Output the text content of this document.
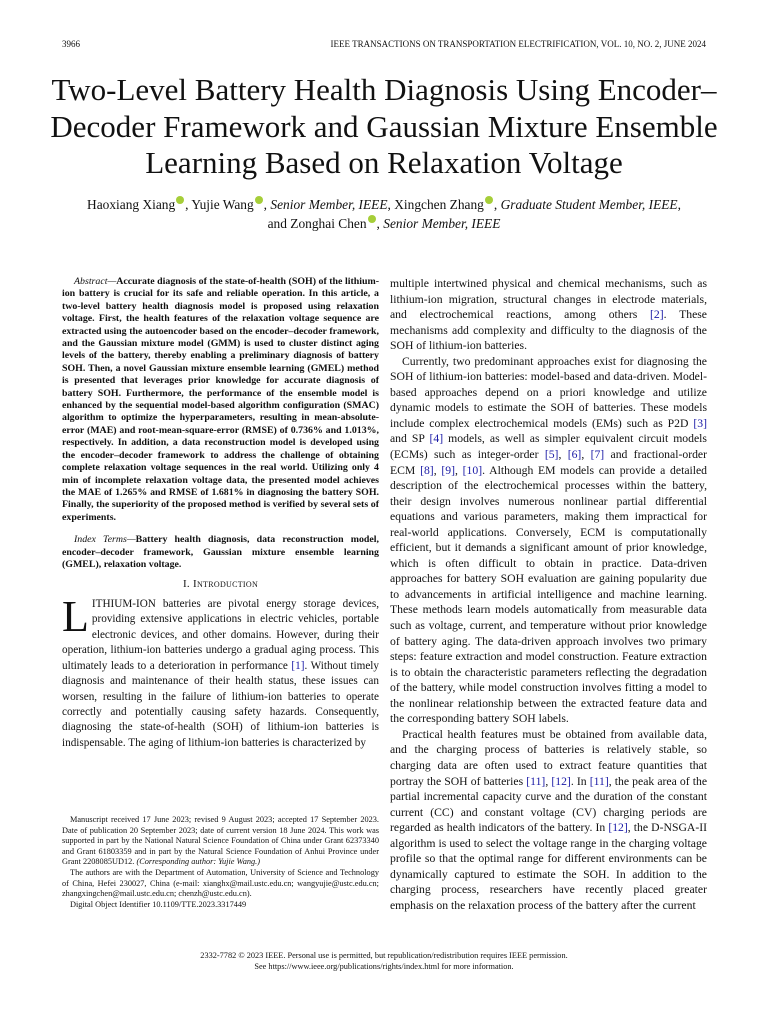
3966	IEEE TRANSACTIONS ON TRANSPORTATION ELECTRIFICATION, VOL. 10, NO. 2, JUNE 2024
Two-Level Battery Health Diagnosis Using Encoder–Decoder Framework and Gaussian Mixture Ensemble Learning Based on Relaxation Voltage
Haoxiang Xiang , Yujie Wang , Senior Member, IEEE, Xingchen Zhang , Graduate Student Member, IEEE,
and Zonghai Chen , Senior Member, IEEE

Abstract—Accurate diagnosis of the state-of-health (SOH) of the lithium-ion battery is crucial for its safe and reliable operation. In this article, a two-level battery health diagnosis model is proposed using relaxation voltage. First, the health features of the relaxation voltage sequence are extracted using the autoencoder based on the encoder–decoder framework, and the Gaussian mixture model (GMM) is used to cluster distinct aging levels of the battery, thereby enabling a preliminary diagnosis of battery SOH. Then, a novel Gaussian mixture ensemble learning (GMEL) method is presented that leverages prior knowledge for accurate diagnosis of battery SOH. Furthermore, the performance of the ensemble model is enhanced by the sequential model-based algorithm configuration (SMAC) algorithm to optimize the hyperparameters, resulting in mean-absolute-error (MAE) and root-mean-square-error (RMSE) of 0.736% and 1.013%, respectively. In addition, a data reconstruction model is developed using the encoder–decoder framework to address the challenge of obtaining complete relaxation voltage sequences in the real world. Utilizing only 4 min of incomplete relaxation voltage data, the presented model achieves the MAE of 1.265% and RMSE of 1.681% in diagnosing the battery SOH. Finally, the superiority of the proposed method is verified by several sets of experiments.

Index Terms—Battery health diagnosis, data reconstruction model, encoder–decoder framework, Gaussian mixture ensemble learning (GMEL), relaxation voltage.

I. Introduction

LITHIUM-ION batteries are pivotal energy storage devices, providing extensive applications in electric vehicles, portable electronic devices, and other domains. However, during their operation, lithium-ion batteries undergo a gradual aging process. This ultimately leads to a deterioration in performance [1]. Without timely diagnosis and maintenance of their health status, these issues can worsen, resulting in the failure of lithium-ion batteries to operate correctly and potentially causing safety hazards. Consequently, diagnosing the state-of-health (SOH) of lithium-ion batteries is indispensable. The aging of lithium-ion batteries is characterized by

Manuscript received 17 June 2023; revised 9 August 2023; accepted 17 September 2023. Date of publication 20 September 2023; date of current version 18 June 2024. This work was supported in part by the National Natural Science Foundation of China under Grant 62373340 and Grant 61803359 and in part by the Natural Science Foundation of Anhui Province under Grant 2208085UD12. (Corresponding author: Yujie Wang.)

The authors are with the Department of Automation, University of Science and Technology of China, Hefei 230027, China (e-mail: xianghx@mail.ustc.edu.cn; wangyujie@ustc.edu.cn; zhangxingchen@mail.ustc.edu.cn; chenzh@ustc.edu.cn).

Digital Object Identifier 10.1109/TTE.2023.3317449

multiple intertwined physical and chemical mechanisms, such as lithium-ion migration, structural changes in electrode materials, and electrochemical reactions, among others [2]. These mechanisms add complexity and difficulty to the diagnosis of the SOH of lithium-ion batteries.

Currently, two predominant approaches exist for diagnosing the SOH of lithium-ion batteries: model-based and data-driven. Model-based approaches depend on a priori knowledge and utilize dynamic models to estimate the SOH of batteries. These models include complex electrochemical models (EMs) such as P2D [3] and SP [4] models, as well as simpler equivalent circuit models (ECMs) such as integer-order [5], [6], [7] and fractional-order ECM [8], [9], [10]. Although EM models can provide a detailed description of the electrochemical processes within the battery, their design involves numerous nonlinear partial differential equations and various parameters, making them impractical for real-world applications. Conversely, ECM is computationally efficient, but it demands a significant amount of prior knowledge, which is often difficult to obtain in practice. Data-driven approaches for battery SOH evaluation are gaining popularity due to advancements in artificial intelligence and machine learning. These methods learn models automatically from measurable data such as voltage, current, and temperature without prior knowledge of battery aging. The data-driven approach involves two primary steps: feature extraction and model construction. Feature extraction is to obtain the characteristic parameters reflecting the degradation of the battery, while model construction involves fitting a model to the nonlinear relationship between the extracted feature data and the corresponding battery SOH labels.

Practical health features must be obtained from available data, and the charging process of batteries is relatively stable, so charging data are often used to extract feature quantities that portray the SOH of batteries [11], [12]. In [11], the peak area of the partial incremental capacity curve and the duration of the constant current (CC) and constant voltage (CV) charging periods are regarded as health indicators of the battery. In [12], the D-NSGA-II algorithm is used to select the voltage range in the charging voltage profile so that the optimal range for different environments can be dynamically captured to estimate the SOH. In addition to the charging process, researchers have recently placed greater emphasis on the relaxation process of the battery after the current

2332-7782 © 2023 IEEE. Personal use is permitted, but republication/redistribution requires IEEE permission.
See https://www.ieee.org/publications/rights/index.html for more information.
